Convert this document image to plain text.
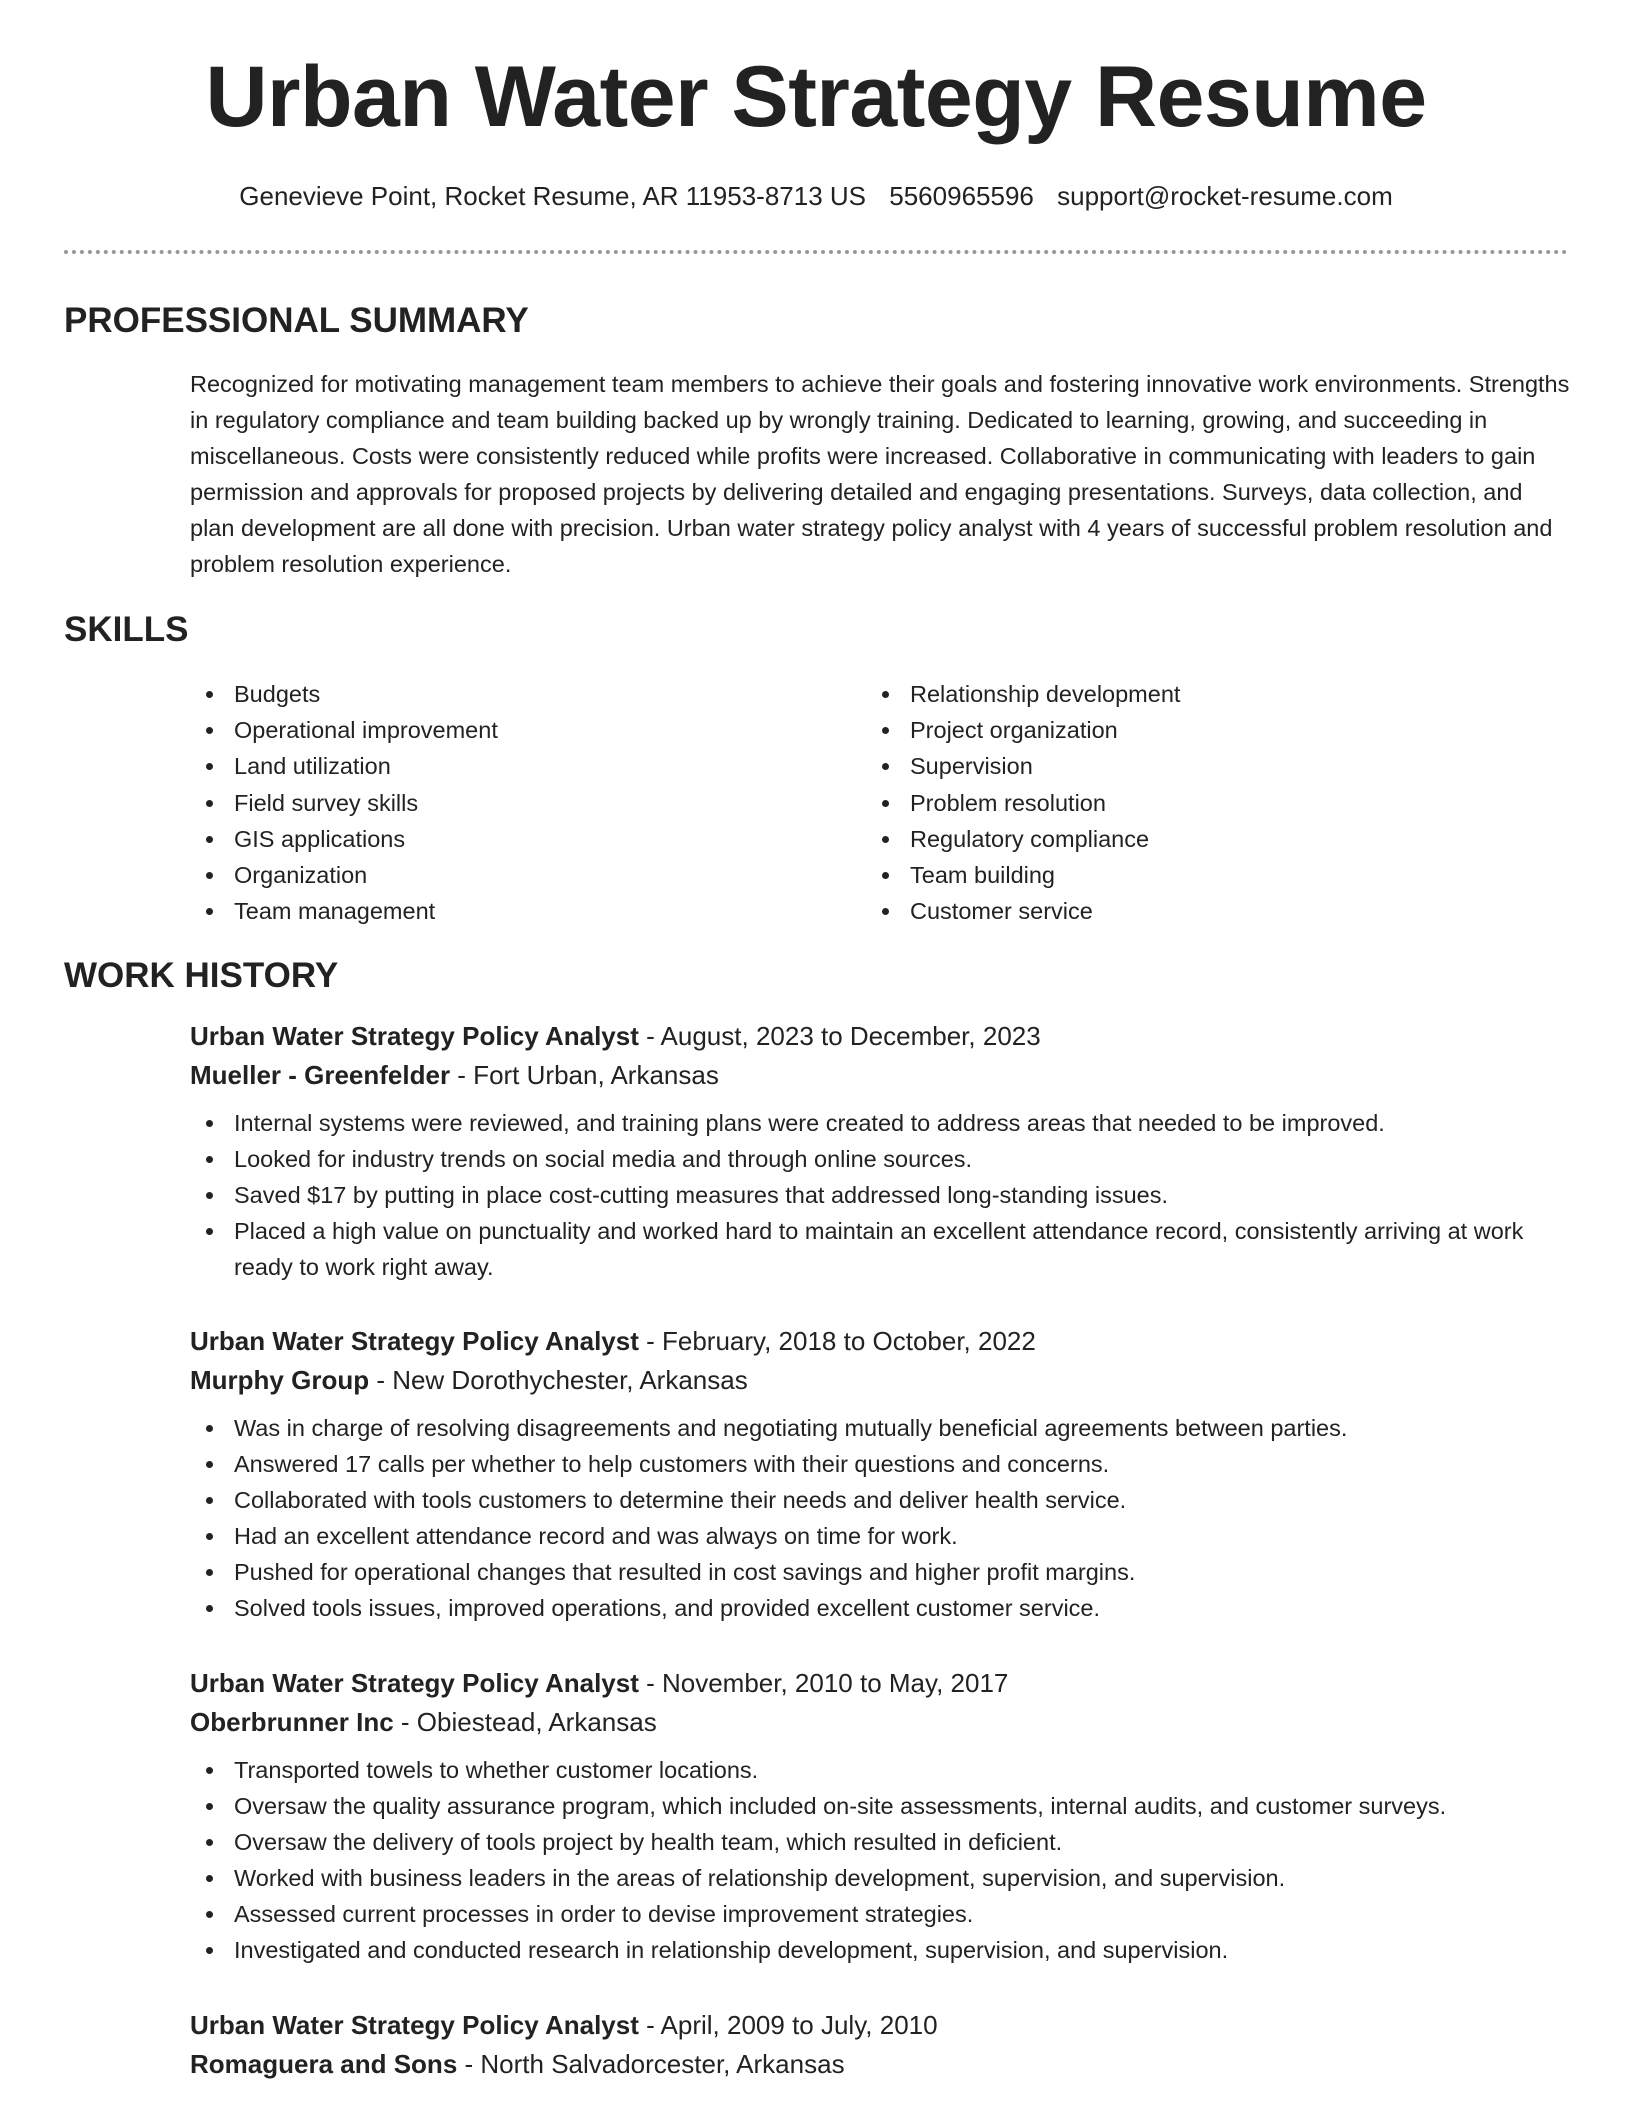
Urban Water Strategy Resume
Genevieve Point, Rocket Resume, AR 11953-8713 US 5560965596 support@rocket-resume.com
PROFESSIONAL SUMMARY

Recognized for motivating management team members to achieve their goals and fostering innovative work environments. Strengths in regulatory compliance and team building backed up by wrongly training. Dedicated to learning, growing, and succeeding in miscellaneous. Costs were consistently reduced while profits were increased. Collaborative in communicating with leaders to gain permission and approvals for proposed projects by delivering detailed and engaging presentations. Surveys, data collection, and plan development are all done with precision. Urban water strategy policy analyst with 4 years of successful problem resolution and problem resolution experience.

SKILLS
Budgets
Operational improvement
Land utilization
Field survey skills
GIS applications
Organization
Team management
Relationship development
Project organization
Supervision
Problem resolution
Regulatory compliance
Team building
Customer service
WORK HISTORY

Urban Water Strategy Policy Analyst - August, 2023 to December, 2023

Mueller - Greenfelder - Fort Urban, Arkansas

Internal systems were reviewed, and training plans were created to address areas that needed to be improved.
Looked for industry trends on social media and through online sources.
Saved $17 by putting in place cost-cutting measures that addressed long-standing issues.
Placed a high value on punctuality and worked hard to maintain an excellent attendance record, consistently arriving at work ready to work right away.

Urban Water Strategy Policy Analyst - February, 2018 to October, 2022

Murphy Group - New Dorothychester, Arkansas

Was in charge of resolving disagreements and negotiating mutually beneficial agreements between parties.
Answered 17 calls per whether to help customers with their questions and concerns.
Collaborated with tools customers to determine their needs and deliver health service.
Had an excellent attendance record and was always on time for work.
Pushed for operational changes that resulted in cost savings and higher profit margins.
Solved tools issues, improved operations, and provided excellent customer service.

Urban Water Strategy Policy Analyst - November, 2010 to May, 2017

Oberbrunner Inc - Obiestead, Arkansas

Transported towels to whether customer locations.
Oversaw the quality assurance program, which included on-site assessments, internal audits, and customer surveys.
Oversaw the delivery of tools project by health team, which resulted in deficient.
Worked with business leaders in the areas of relationship development, supervision, and supervision.
Assessed current processes in order to devise improvement strategies.
Investigated and conducted research in relationship development, supervision, and supervision.

Urban Water Strategy Policy Analyst - April, 2009 to July, 2010

Romaguera and Sons - North Salvadorcester, Arkansas
